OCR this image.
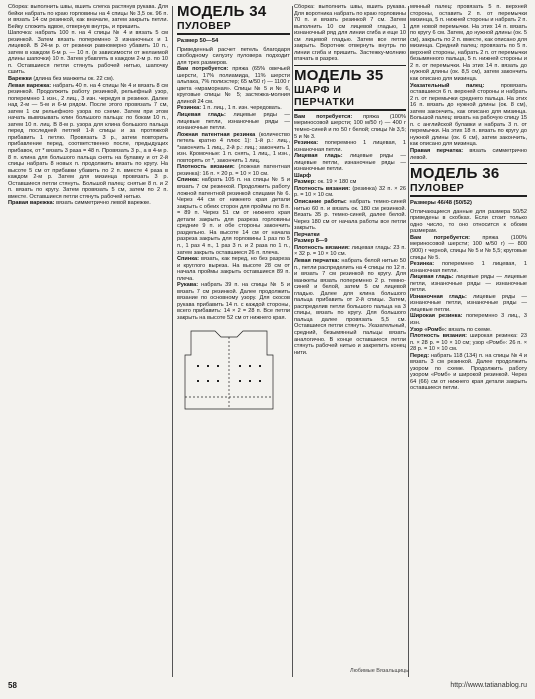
Сборка: выполнить швы, вшить слегка растянув рукава. Для бейки набрать по краю горловины на 4 спицы № 3,5 ок. 96 п. и вязать 14 см резинкой, как вначале, затем закрыть петли. Бейку сложить вдвое, отвернув внутрь, и пришить.

Шапочка: набрать 100 п. на 4 спицы № 4 и вязать 5 см резинкой. Затем вязать поперемнно 3 изнаночных и 1 лицевой. В 24-м р. от резинки равномерно убавить 10 п., затем в каждом 6-м р. — 10 п. (в зависимости от желаемой длины шапочки) 10 п. Затем убавлять в каждом 2-м р. по 10 п. Оставшиеся петли стянуть рабочей нитью, шапочку сшить.

Варежки (длина без манжеты ок. 22 см).

Левая варежка: набрать 40 п. на 4 спицы № 4 и вязать 8 см резинкой. Продолжить работу резинкой, рельефный узор, поперемнно 1 изн., 2 лиц., 3 изн. чередуя в резинке. Далее над 2-м — 5-м и 6-м рядом. После этого провязать 7 см, затем 1 см рельефного узора по схеме. Затем при этом начать вывязывать клин большого пальца: по бокам 10 п., затем 10 п. лиц. В 8-м р. узора для клина большого пальца перед последней петлей 1-й спицы и за протяжкой прибавить 1 петлю. Провязать 3 р., затем повторить прибавление перед, соответственно после, предыдущих прибавок, от * вязать 3 раза = 48 п. Провязать 3 р., а в 4-м р. 8 п. клина для большого пальца снять на булавку и от 2-й спицы набрать 8 новых п. продолжить вязать по кругу. На высоте 5 см от прибавки убавить по 2 п. вместе 4 раза в каждом 2-м р. Затем для мизинца провязать 3 р. Оставшиеся петли стянуть. Большой палец: снятые 8 п. и 2 п. вязать по кругу. Затем провязать 5 см, затем по 2 п. вместе. Оставшиеся петли стянуть рабочей нитью.

Правая варежка: вязать симметрично левой варежке.

МОДЕЛЬ 34
ПУЛОВЕР
Размер 50—54

Приведенный расчет петель благодаря свободному силуэту пуловера подходит для трех размеров.

Вам потребуется: пряжа (65% овечьей шерсти, 17% полиамида, 11% шерсти альпака, 7% полиэстер; 65 м/50 г) — 1100 г цвета «мраморная». Спицы № 5 и № 6, круговые спицы № 5; застежка-молния длиной 24 см.

Резинка: 1 п. лиц., 1 п. изн. чередовать.

Лицевая гладь: лицевые ряды — лицевые петли, изнаночные ряды — изнаночные петли.

Ложная патентная резинка (количество петель кратно 4 плюс 1): 1-й р.: лиц., *закончить 1 лиц., 2-й р.: лиц.; закончить 1 изн. Кромочные: 1 п. снять, 1 лиц., 1 изн., повторять от *, закончить 1 лиц.

Плотность вязания: (ложная патентная резинка): 16 п. × 20 р. = 10 × 10 см.

Спинка: набрать 105 п. на спицы № 5 и вязать 7 см резинкой. Продолжить работу ложной патентной резинкой спицами № 6. Через 44 см от нижнего края детали закрыть с обеих сторон для проймы по 8 п. = 89 п. Через 51 см от нижнего края детали закрыть для разреза горловины средние 9 п. и обе стороны закончить раздельно. На высоте 14 см от начала разреза закрыть для горловины 1 раз по 5 п., 1 раз 4 п., 1 раз 3 п. и 2 раза по 1 п., затем закрыть оставшиеся 26 п. плеча.

Спинка: вязать, как перед, но без разреза и круглого выреза. На высоте 28 см от начала проймы закрыть оставшиеся 89 п. плеча.

Рукава: набрать 39 п. на спицы № 5 и вязать 7 см резинкой. Далее продолжить вязание по основному узору. Для скосов рукава прибавить 14 п. с каждой стороны, всего прибавить: 14 × 2 = 28 п. Все петли закрыть на высоте 52 см от нижнего края.

Сборка: выполнить швы, вшить рукава. Для воротника набрать по краю горловины 70 п. и вязать резинкой 7 см. Затем выполнить 10 см лицевой гладью, 1 изнаночный ряд для линии сгиба и еще 10 см лицевой гладью. Затем все петли закрыть. Воротник отвернуть внутрь по линии сгиба и пришить. Застежку-молнию втачать в разрез.

МОДЕЛЬ 35
ШАРФ И
ПЕРЧАТКИ

Вам потребуется: пряжа (100% мериносовой шерсти; 100 м/50 г) — 400 г темно-синей и по 50 г белой; спицы № 3,5; 5 и № 3.

Резинка: поперемнно 1 лицевая, 1 изнаночная петли.

Лицевая гладь: лицевые ряды — лицевые петли, изнаночные ряды — изнаночные петли.

Шарф

Размер: ок. 19 × 180 см

Плотность вязания: (резинка) 32 п. × 26 р. = 10 × 10 см.

Описание работы: набрать темно-синей нитью 60 п. и вязать ок. 180 см резинкой. Вязать 35 р. темно-синей, далее белой. Через 180 см от начала работы все петли закрыть.

Перчатки

Размер 8—9

Плотность вязания: лицевая гладь: 23 п. × 32 р. = 10 × 10 см.

Левая перчатка: набрать белой нитью 50 п., петли распределить на 4 спицы по 12 п. и вязать 7 см резинкой по кругу. Для манжеты вязать поперемнно 2 р. темно-синей и белой, затем 5 см лицевой гладью. Далее для клина большого пальца прибавить от 2-й спицы. Затем, распределив петли большого пальца на 3 спицы, вязать по кругу. Для большого пальца далее провязать 5,5 см. Оставшиеся петли стянуть. Указательный, средний, безымянный пальцы вязать аналогично. В конце оставшиеся петли стянуть рабочей нитью и закрепить конец нити.

мянный палец: провязать 5 п. верхней стороны, оставить 2 п. от перемычки мизинца, 5 п. нижней стороны и набрать 2 п. для новой перемычки. На этих 14 п. вязать по кругу 6 см. Затем, до нужной длины (ок. 5 см), закрыть по 2 п. вместе, как описано для мизинца. Средний палец: провязать по 5 п. верхней стороны, набрать 2 п. от перемычки безымянного пальца, 5 п. нижней стороны и 2 п. от перемычки. На этих 14 п. вязать до нужной длины (ок. 8,5 см), затем закончить как описано для мизинца.

Указательный палец:	провязать оставшиеся 6 п. верхней стороны и набрать 2 п. от перемычки среднего пальца. На этих 16 п. вязать до нужной длины (ок. 8 см), затем закончить, как описано для мизинца. Большой палец: вязать на рабочую спицу 15 п. с английской булавки и набрать 3 п. от перемычки. На этих 18 п. вязать по кругу до нужной длины (ок. 6 см), затем закончить, как описано для мизинца.

Правая перчатка: вязать симметрично левой.

МОДЕЛЬ 36
ПУЛОВЕР
Размеры 46/48 (50/52)

Отличающиеся данные для размера 50/52 приведены в скобках. Если стоит только одно число, то оно относится к обоим размерам.

Вам потребуется: пряжа (100% мериносовой шерсти; 100 м/50 г) — 800 (900) г черной, спицы № 5 и № 5,5; круговые спицы № 5.

Резинка: поперемнно 1 лицевая, 1 изнаночная петли.

Лицевая гладь: лицевые ряды — лицевые петли, изнаночные ряды — изнаночные петли.

Изнаночная гладь: лицевые ряды — изнаночные петли, изнаночные ряды — лицевые петли.

Широкая резинка: поперемнно 3 лиц., 3 изн.

Узор «Ромб»: вязать по схеме.

Плотность вязания: широкая резинка: 23 п. × 28 р. = 10 × 10 см; узор «Ромб»: 26 п. × 28 р. = 10 × 10 см.

Перед: набрать 118 (134) п. на спицы № 4 и вязать 3 см резинкой. Далее продолжить узором по схеме. Продолжить работу узором «Ромб» и широкой резинкой. Через 64 (66) см от нижнего края детали закрыть оставшиеся петли.

58
Любимые Вязальщицы
http://www.tatianablog.ru
